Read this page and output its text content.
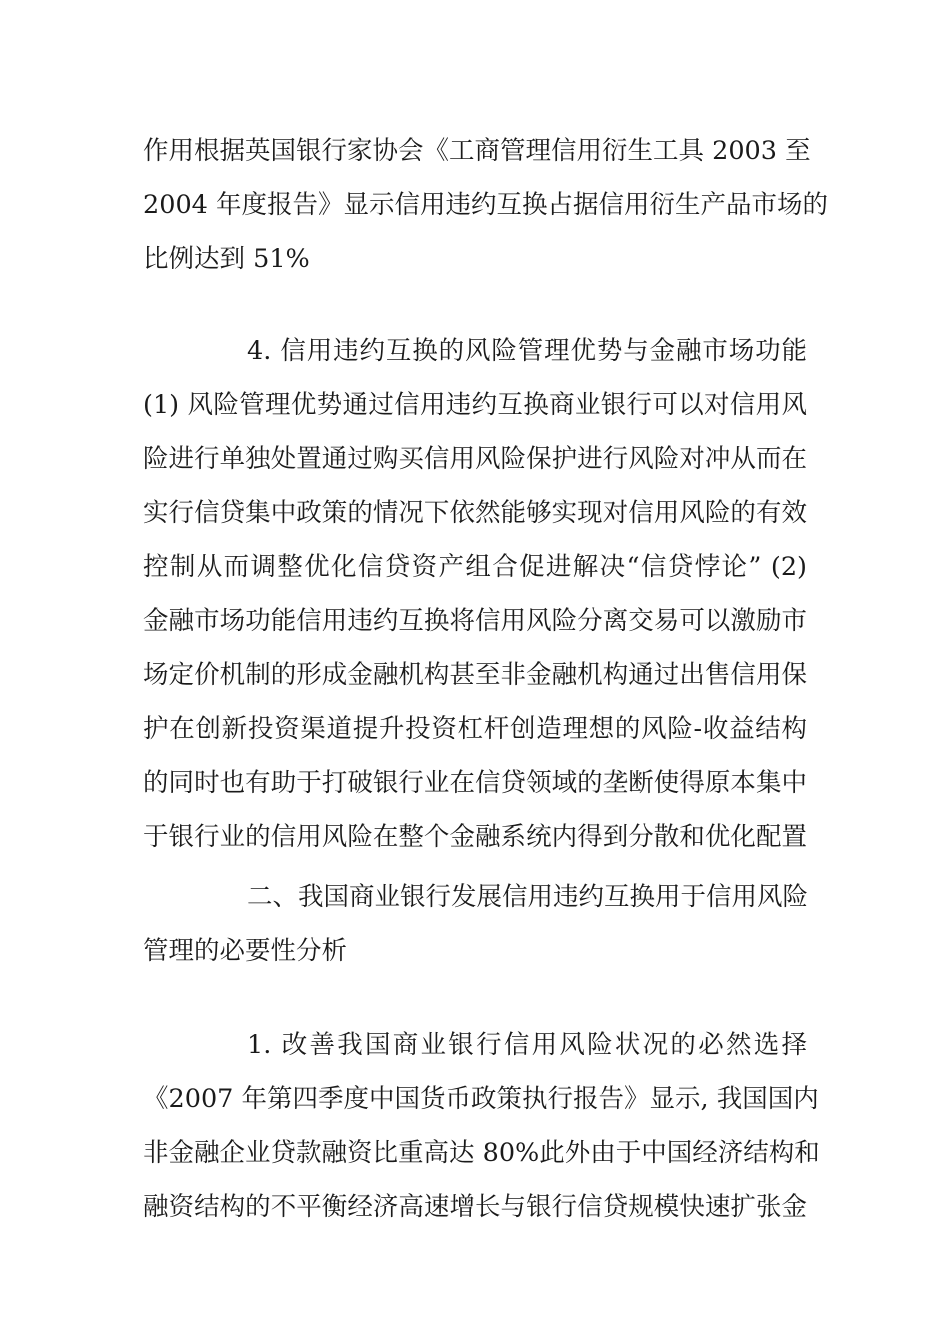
作用根据英国银行家协会《工商管理信用衍生工具 2003 至
2004 年度报告》显示信用违约互换占据信用衍生产品市场的
比例达到 51%
4. 信用违约互换的风险管理优势与金融市场功能
(1) 风险管理优势通过信用违约互换商业银行可以对信用风
险进行单独处置通过购买信用风险保护进行风险对冲从而在
实行信贷集中政策的情况下依然能够实现对信用风险的有效
控制从而调整优化信贷资产组合促进解决“信贷悖论” (2)
金融市场功能信用违约互换将信用风险分离交易可以激励市
场定价机制的形成金融机构甚至非金融机构通过出售信用保
护在创新投资渠道提升投资杠杆创造理想的风险-收益结构
的同时也有助于打破银行业在信贷领域的垄断使得原本集中
于银行业的信用风险在整个金融系统内得到分散和优化配置
二、我国商业银行发展信用违约互换用于信用风险
管理的必要性分析
1. 改善我国商业银行信用风险状况的必然选择
《2007 年第四季度中国货币政策执行报告》显示, 我国国内
非金融企业贷款融资比重高达 80%此外由于中国经济结构和
融资结构的不平衡经济高速增长与银行信贷规模快速扩张金
